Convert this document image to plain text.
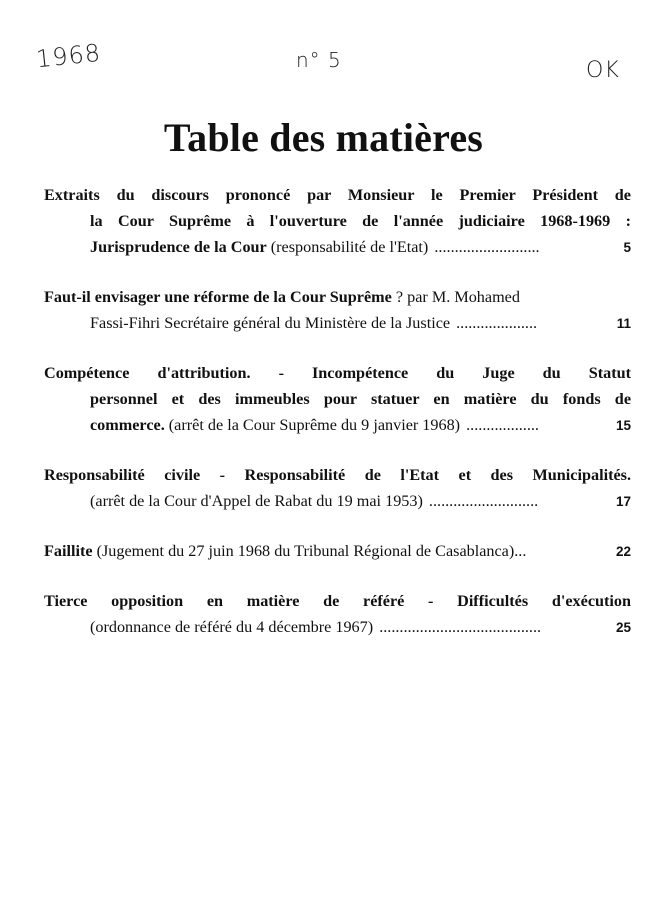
1968	n° 5	OK

Table des matières
Extraits du discours prononcé par Monsieur le Premier Président de
la Cour Suprême à l'ouverture de l'année judiciaire 1968-1969 :
Jurisprudence de la Cour (responsabilité de l'Etat) ..........................	5
Faut-il envisager une réforme de la Cour Suprême ? par M. Mohamed
Fassi-Fihri Secrétaire général du Ministère de la Justice ....................	11
Compétence d'attribution. - Incompétence du Juge du Statut
personnel et des immeubles pour statuer en matière du fonds de
commerce. (arrêt de la Cour Suprême du 9 janvier 1968) ..................	15
Responsabilité civile - Responsabilité de l'Etat et des Municipalités.
(arrêt de la Cour d'Appel de Rabat du 19 mai 1953) ...........................	17
Faillite (Jugement du 27 juin 1968 du Tribunal Régional de Casablanca)...	22
Tierce opposition en matière de référé - Difficultés d'exécution
(ordonnance de référé du 4 décembre 1967) ........................................	25
